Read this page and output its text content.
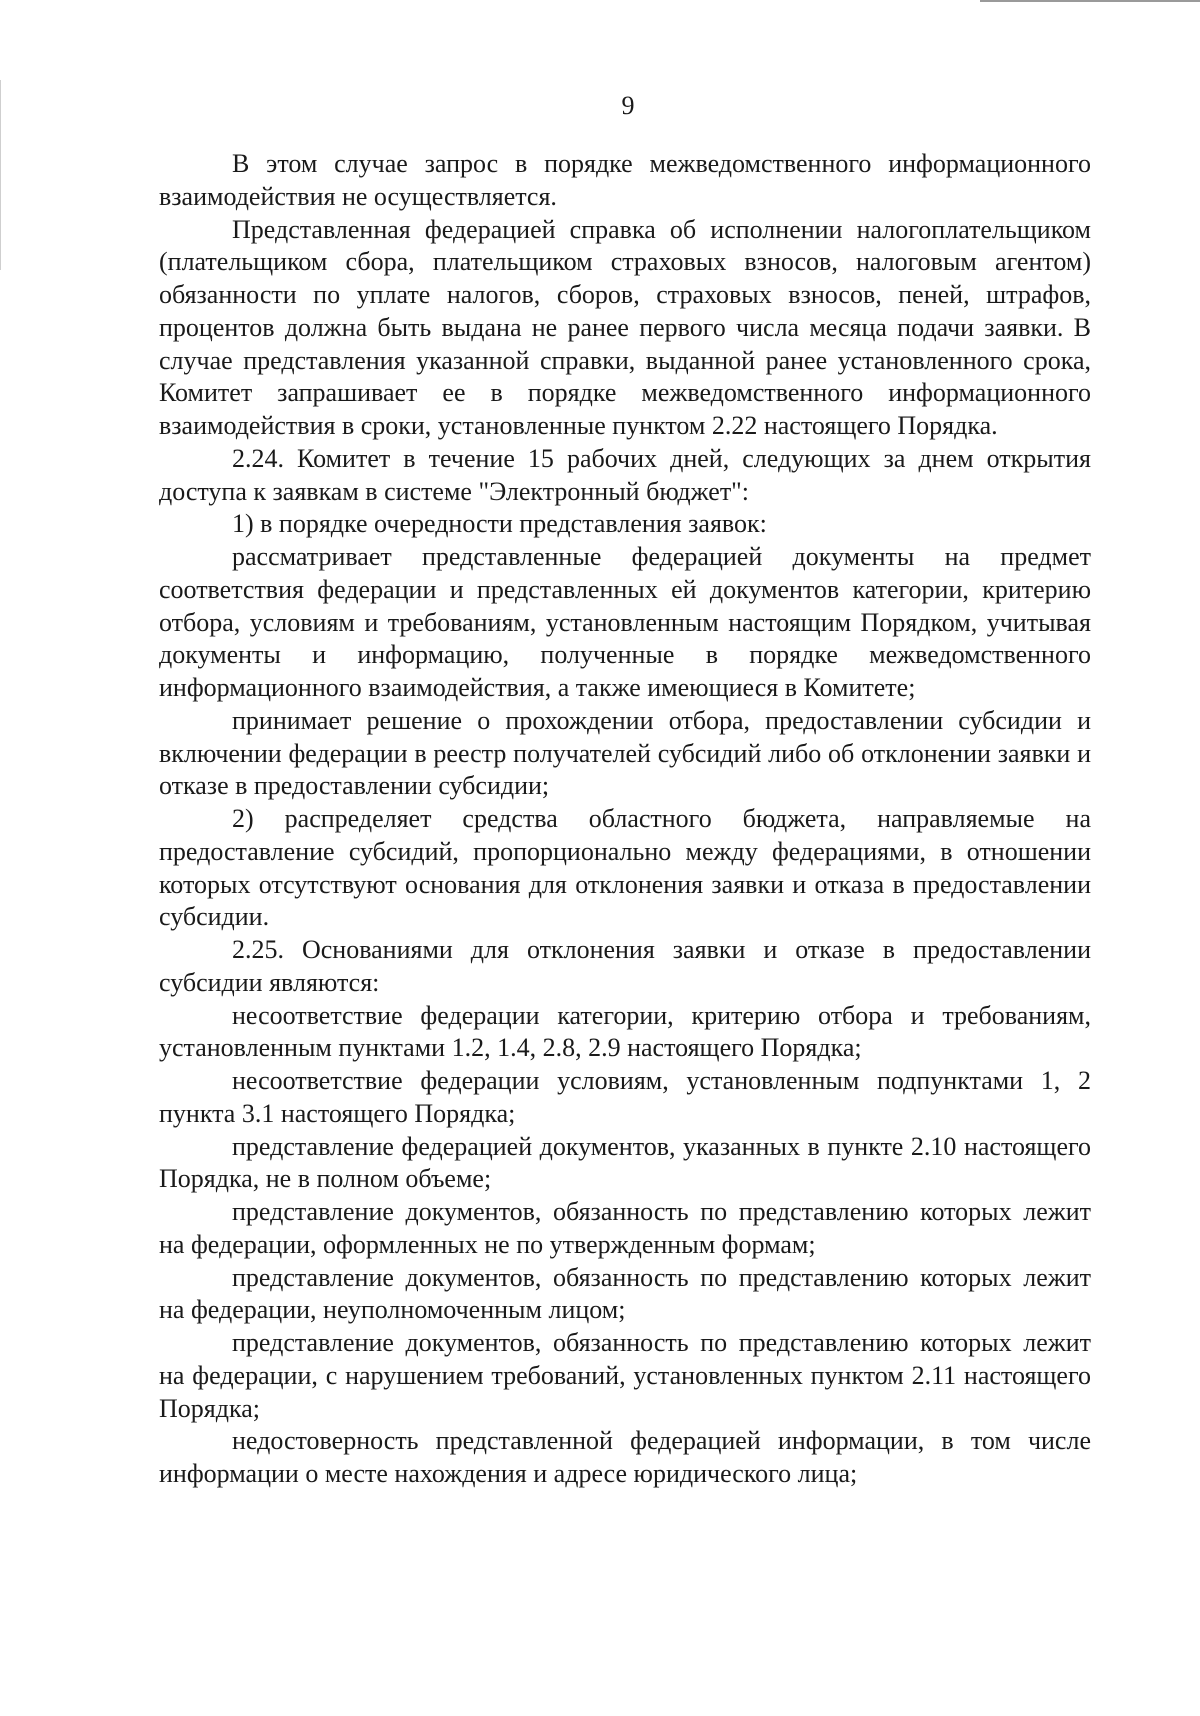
9

В этом случае запрос в порядке межведомственного информационного взаимодействия не осуществляется.

Представленная федерацией справка об исполнении налогоплательщиком (плательщиком сбора, плательщиком страховых взносов, налоговым агентом) обязанности по уплате налогов, сборов, страховых взносов, пеней, штрафов, процентов должна быть выдана не ранее первого числа месяца подачи заявки. В случае представления указанной справки, выданной ранее установленного срока, Комитет запрашивает ее в порядке межведомственного информационного взаимодействия в сроки, установленные пунктом 2.22 настоящего Порядка.

2.24. Комитет в течение 15 рабочих дней, следующих за днем открытия доступа к заявкам в системе "Электронный бюджет":

1) в порядке очередности представления заявок:

рассматривает представленные федерацией документы на предмет соответствия федерации и представленных ей документов категории, критерию отбора, условиям и требованиям, установленным настоящим Порядком, учитывая документы и информацию, полученные в порядке межведомственного информационного взаимодействия, а также имеющиеся в Комитете;

принимает решение о прохождении отбора, предоставлении субсидии и включении федерации в реестр получателей субсидий либо об отклонении заявки и отказе в предоставлении субсидии;

2) распределяет средства областного бюджета, направляемые на предоставление субсидий, пропорционально между федерациями, в отношении которых отсутствуют основания для отклонения заявки и отказа в предоставлении субсидии.

2.25. Основаниями для отклонения заявки и отказе в предоставлении субсидии являются:

несоответствие федерации категории, критерию отбора и требованиям, установленным пунктами 1.2, 1.4, 2.8, 2.9 настоящего Порядка;

несоответствие федерации условиям, установленным подпунктами 1, 2 пункта 3.1 настоящего Порядка;

представление федерацией документов, указанных в пункте 2.10 настоящего Порядка, не в полном объеме;

представление документов, обязанность по представлению которых лежит на федерации, оформленных не по утвержденным формам;

представление документов, обязанность по представлению которых лежит на федерации, неуполномоченным лицом;

представление документов, обязанность по представлению которых лежит на федерации, с нарушением требований, установленных пунктом 2.11 настоящего Порядка;

недостоверность представленной федерацией информации, в том числе информации о месте нахождения и адресе юридического лица;
